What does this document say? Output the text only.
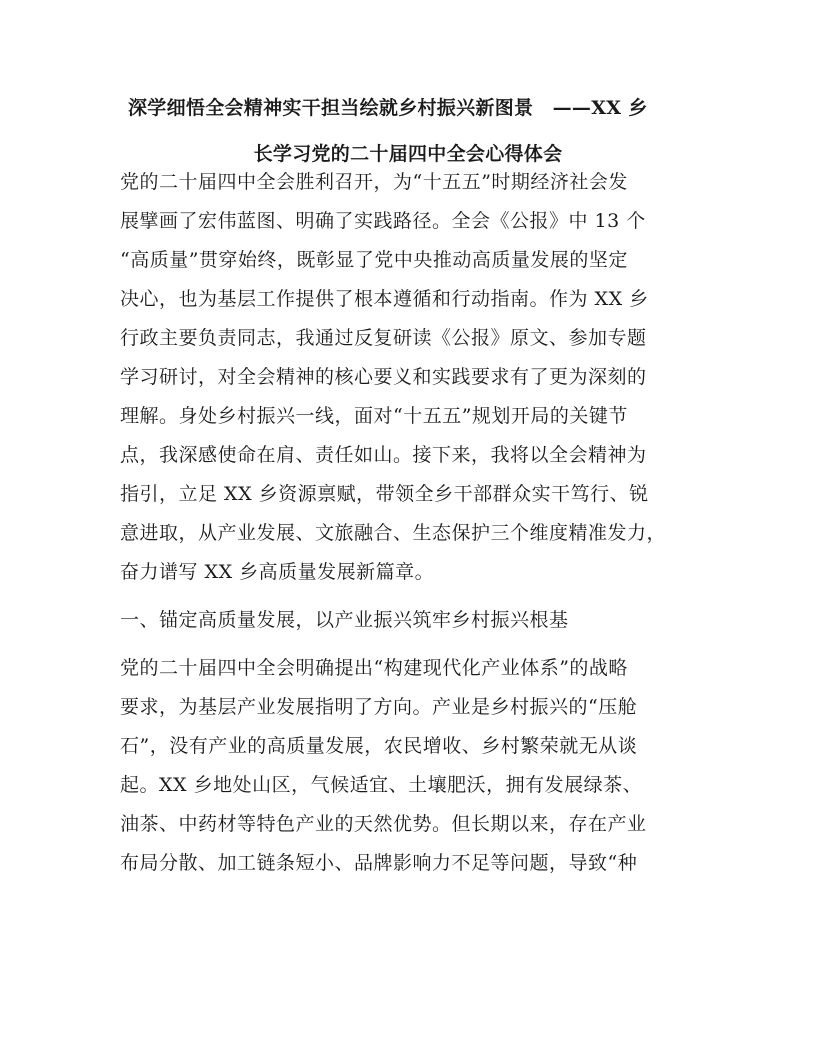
深学细悟全会精神实干担当绘就乡村振兴新图景　——XX 乡
长学习党的二十届四中全会心得体会

党的二十届四中全会胜利召开，为“十五五”时期经济社会发

展擘画了宏伟蓝图、明确了实践路径。全会《公报》中 13 个

“高质量”贯穿始终，既彰显了党中央推动高质量发展的坚定

决心，也为基层工作提供了根本遵循和行动指南。作为 XX 乡

行政主要负责同志，我通过反复研读《公报》原文、参加专题

学习研讨，对全会精神的核心要义和实践要求有了更为深刻的

理解。身处乡村振兴一线，面对“十五五”规划开局的关键节

点，我深感使命在肩、责任如山。接下来，我将以全会精神为

指引，立足 XX 乡资源禀赋，带领全乡干部群众实干笃行、锐

意进取，从产业发展、文旅融合、生态保护三个维度精准发力，

奋力谱写 XX 乡高质量发展新篇章。

一、锚定高质量发展，以产业振兴筑牢乡村振兴根基

党的二十届四中全会明确提出“构建现代化产业体系”的战略

要求，为基层产业发展指明了方向。产业是乡村振兴的“压舱

石”，没有产业的高质量发展，农民增收、乡村繁荣就无从谈

起。XX 乡地处山区，气候适宜、土壤肥沃，拥有发展绿茶、

油茶、中药材等特色产业的天然优势。但长期以来，存在产业

布局分散、加工链条短小、品牌影响力不足等问题，导致“种
